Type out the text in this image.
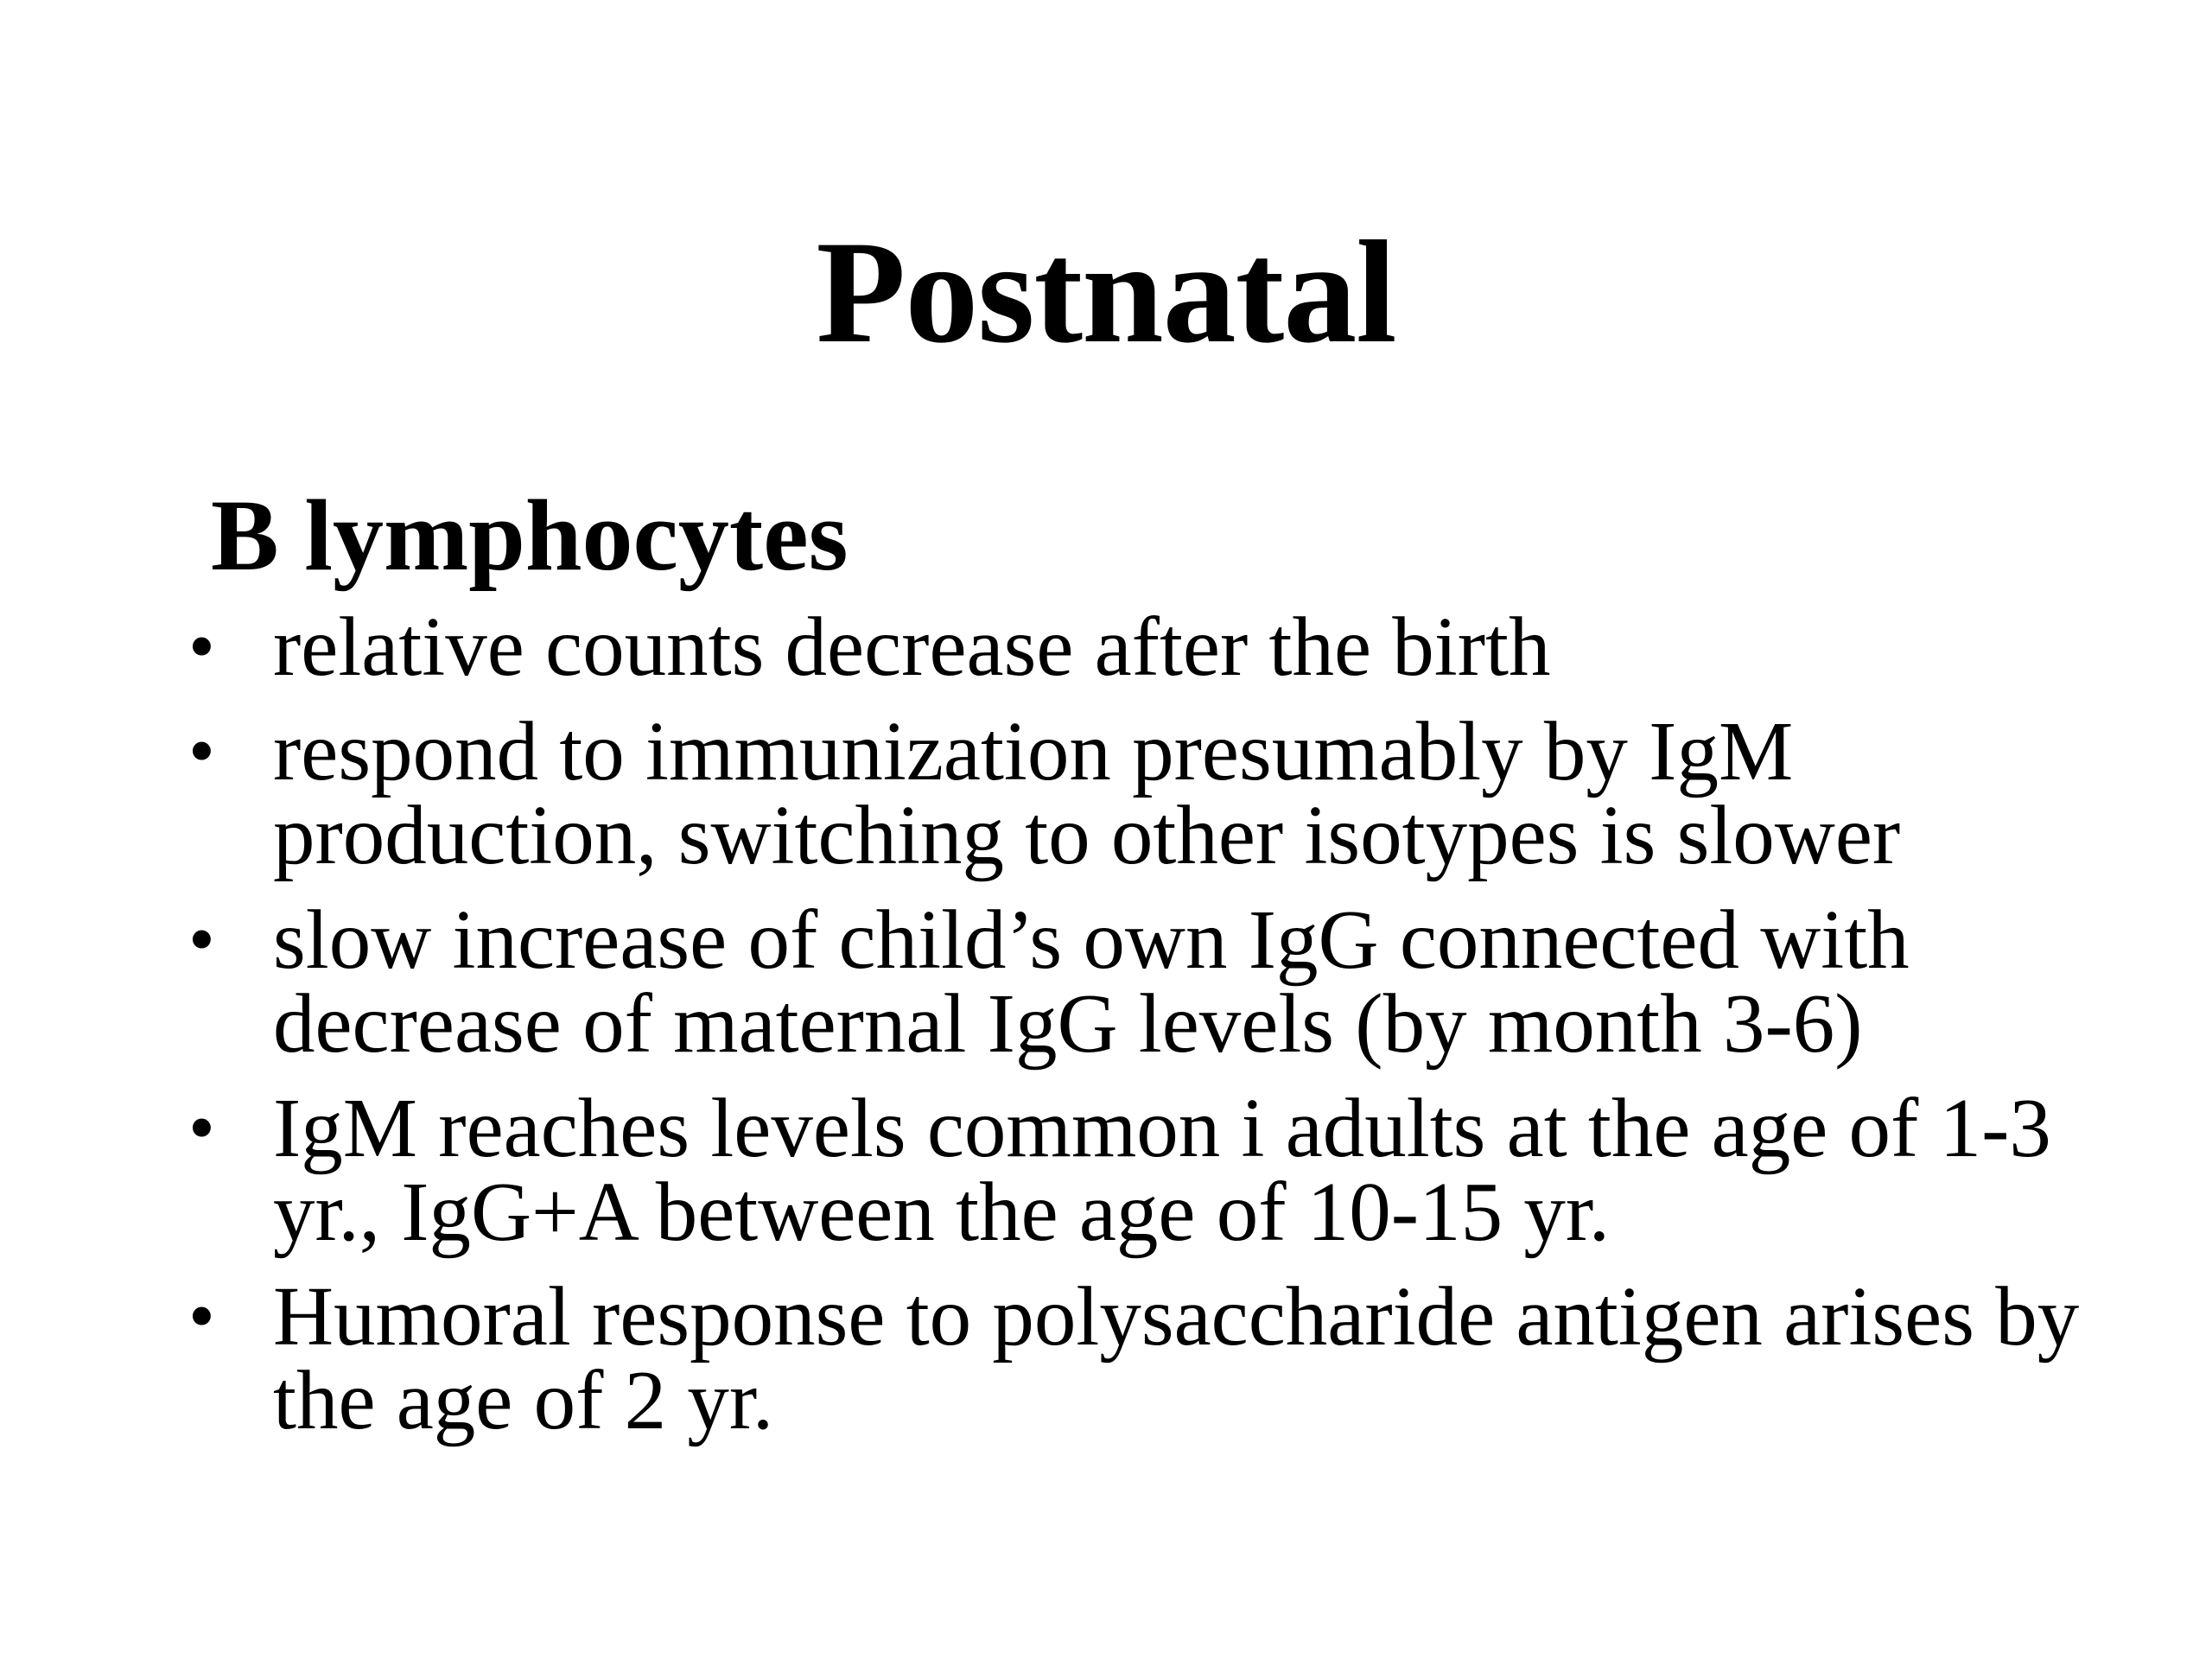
Postnatal
B lymphocytes
• relative counts decrease after the birth
• respond to immunization presumably by IgM production, switching to other isotypes is slower
• slow increase of child’s own IgG connected with decrease of maternal IgG levels (by month 3-6)
• IgM reaches levels common i adults at the age of 1-3 yr., IgG+A between the age of 10-15 yr.
• Humoral response to polysaccharide antigen arises by the age of 2 yr.
